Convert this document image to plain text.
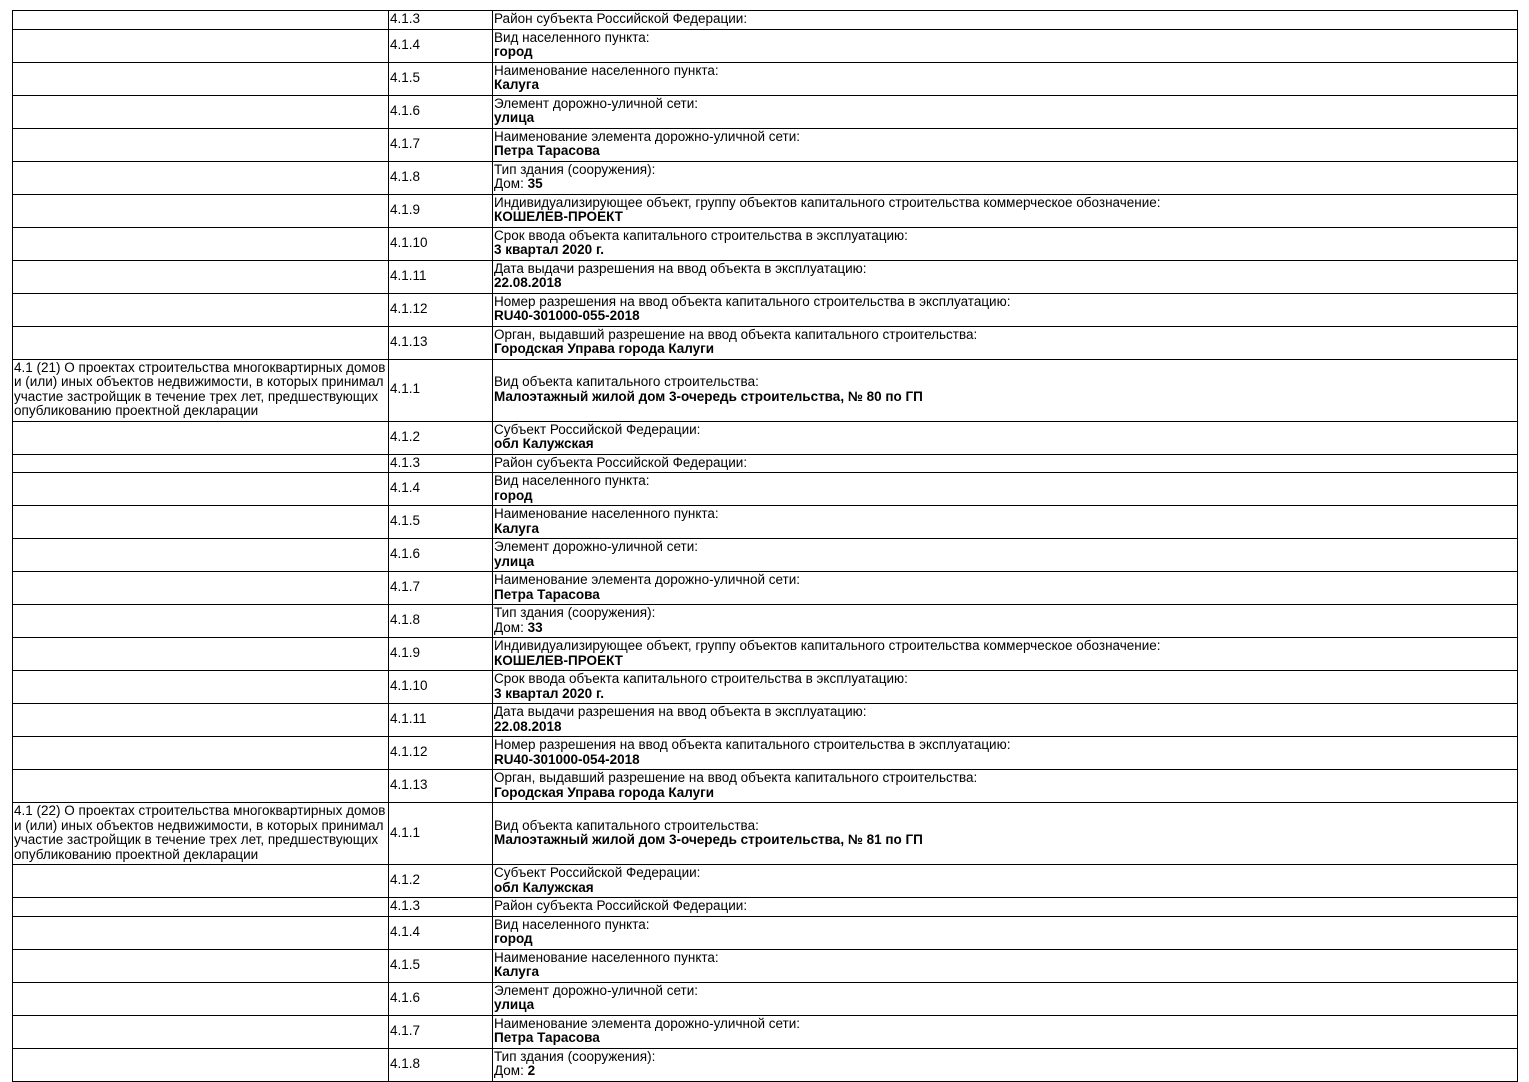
	4.1.3	Район субъекта Российской Федерации:
	4.1.4	Вид населенного пункта:
город
	4.1.5	Наименование населенного пункта:
Калуга
	4.1.6	Элемент дорожно-уличной сети:
улица
	4.1.7	Наименование элемента дорожно-уличной сети:
Петра Тарасова
	4.1.8	Тип здания (сооружения):
Дом: 35
	4.1.9	Индивидуализирующее объект, группу объектов капитального строительства коммерческое обозначение:
КОШЕЛЕВ-ПРОЕКТ
	4.1.10	Срок ввода объекта капитального строительства в эксплуатацию:
3 квартал 2020 г.
	4.1.11	Дата выдачи разрешения на ввод объекта в эксплуатацию:
22.08.2018
	4.1.12	Номер разрешения на ввод объекта капитального строительства в эксплуатацию:
RU40-301000-055-2018
	4.1.13	Орган, выдавший разрешение на ввод объекта капитального строительства:
Городская Управа города Калуги
4.1 (21) О проектах строительства многоквартирных домов и (или) иных объектов недвижимости, в которых принимал участие застройщик в течение трех лет, предшествующих опубликованию проектной декларации	4.1.1	Вид объекта капитального строительства:
Малоэтажный жилой дом 3-очередь строительства, № 80 по ГП
	4.1.2	Субъект Российской Федерации:
обл Калужская
	4.1.3	Район субъекта Российской Федерации:
	4.1.4	Вид населенного пункта:
город
	4.1.5	Наименование населенного пункта:
Калуга
	4.1.6	Элемент дорожно-уличной сети:
улица
	4.1.7	Наименование элемента дорожно-уличной сети:
Петра Тарасова
	4.1.8	Тип здания (сооружения):
Дом: 33
	4.1.9	Индивидуализирующее объект, группу объектов капитального строительства коммерческое обозначение:
КОШЕЛЕВ-ПРОЕКТ
	4.1.10	Срок ввода объекта капитального строительства в эксплуатацию:
3 квартал 2020 г.
	4.1.11	Дата выдачи разрешения на ввод объекта в эксплуатацию:
22.08.2018
	4.1.12	Номер разрешения на ввод объекта капитального строительства в эксплуатацию:
RU40-301000-054-2018
	4.1.13	Орган, выдавший разрешение на ввод объекта капитального строительства:
Городская Управа города Калуги
4.1 (22) О проектах строительства многоквартирных домов и (или) иных объектов недвижимости, в которых принимал участие застройщик в течение трех лет, предшествующих опубликованию проектной декларации	4.1.1	Вид объекта капитального строительства:
Малоэтажный жилой дом 3-очередь строительства, № 81 по ГП
	4.1.2	Субъект Российской Федерации:
обл Калужская
	4.1.3	Район субъекта Российской Федерации:
	4.1.4	Вид населенного пункта:
город
	4.1.5	Наименование населенного пункта:
Калуга
	4.1.6	Элемент дорожно-уличной сети:
улица
	4.1.7	Наименование элемента дорожно-уличной сети:
Петра Тарасова
	4.1.8	Тип здания (сооружения):
Дом: 2
